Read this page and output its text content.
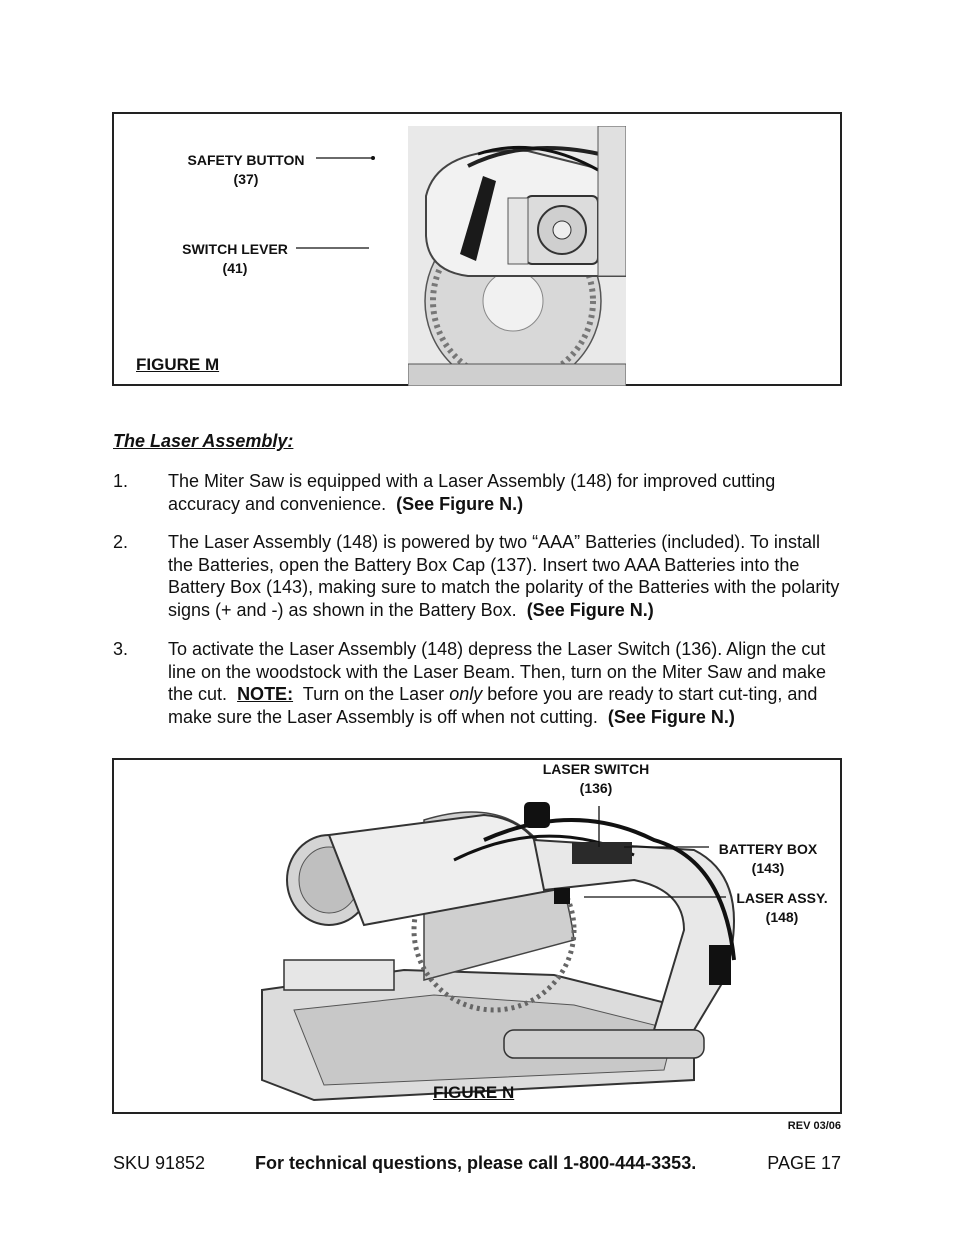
SAFETY BUTTON
(37)
SWITCH LEVER
(41)
FIGURE M
The Laser Assembly:
1. The Miter Saw is equipped with a Laser Assembly (148) for improved cutting accuracy and convenience. (See Figure N.)
2. The Laser Assembly (148) is powered by two “AAA” Batteries (included). To install the Batteries, open the Battery Box Cap (137). Insert two AAA Batteries into the Battery Box (143), making sure to match the polarity of the Batteries with the polarity signs (+ and -) as shown in the Battery Box. (See Figure N.)
3. To activate the Laser Assembly (148) depress the Laser Switch (136). Align the cut line on the woodstock with the Laser Beam. Then, turn on the Miter Saw and make the cut. NOTE: Turn on the Laser only before you are ready to start cut-ting, and make sure the Laser Assembly is off when not cutting. (See Figure N.)
LASER SWITCH
(136)
BATTERY BOX
(143)
LASER ASSY.
(148)
FIGURE N
REV 03/06
SKU 91852	For technical questions, please call 1-800-444-3353.	PAGE 17
